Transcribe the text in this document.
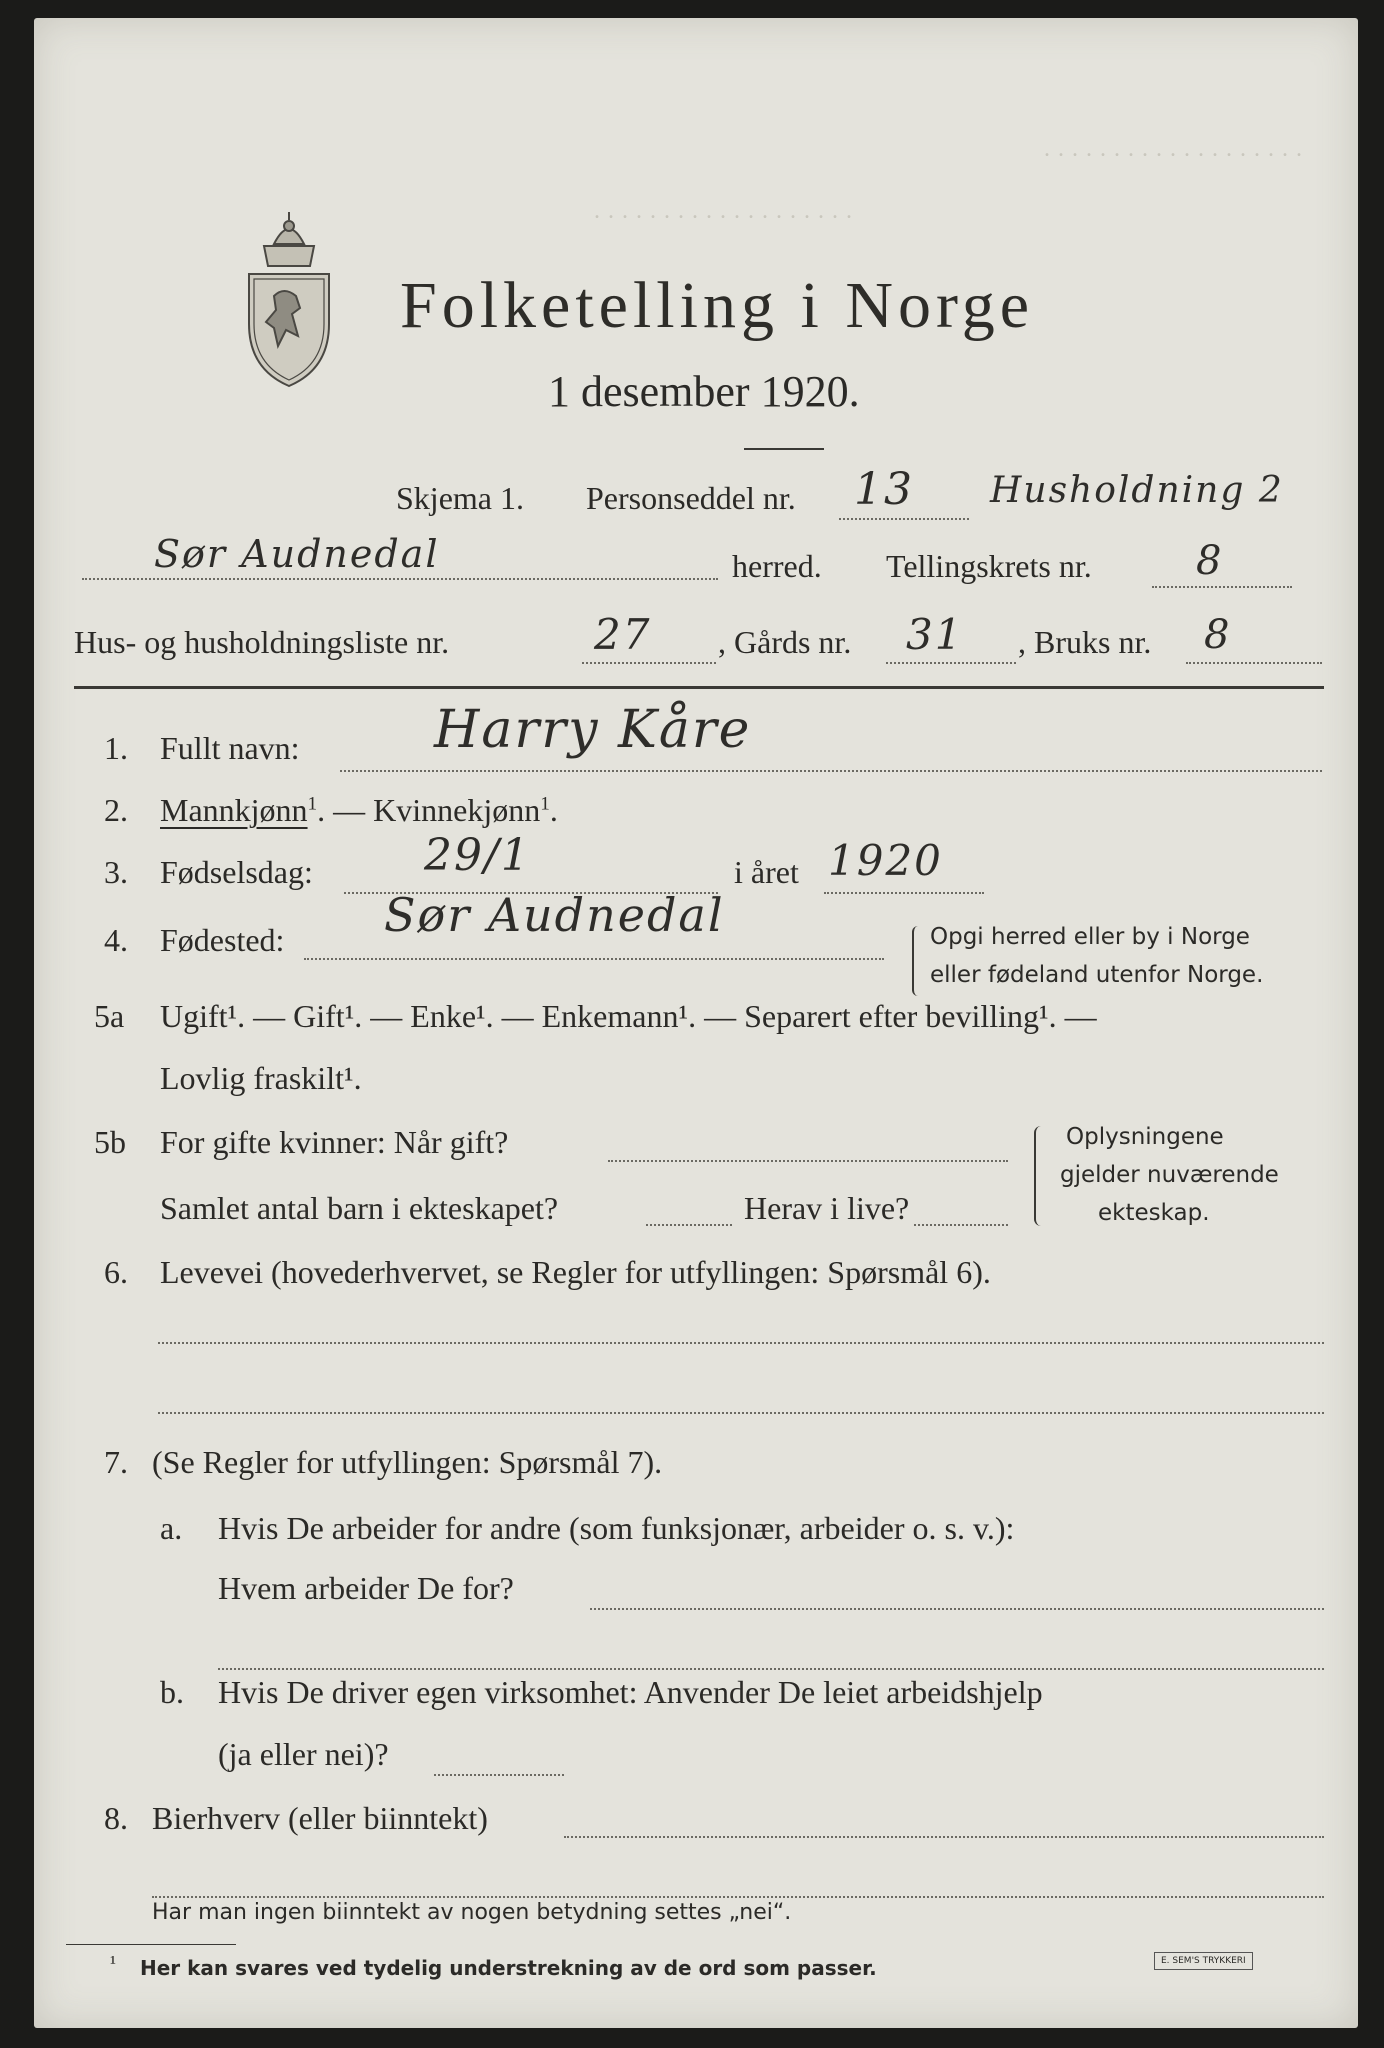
. . . . . . . . . . . . . . . . . . .
. . . . . . . . . . . . . . . . . . .
Folketelling i Norge
1 desember 1920.
Skjema 1. Personseddel nr. 13 Husholdning 2
Sør Audnedal	herred. Tellingskrets nr.	8
Hus- og husholdningsliste nr.	27 , Gårds nr. 31 , Bruks nr. 8
1. Fullt navn:	Harry Kåre
2. Mannkjønn$^1$. — Kvinnekjønn$^1$.
3. Fødselsdag:	29/1	i året 1920
4. Fødested: Sør Audnedal	Opgi herred eller by i Norge
eller fødeland utenfor Norge.
5a Ugift¹. — Gift¹. — Enke¹. — Enkemann¹. — Separert efter bevilling¹. —
Lovlig fraskilt¹.
5b For gifte kvinner: Når gift?
Samlet antal barn i ekteskapet?	Herav i live?
Oplysningene
gjelder nuværende
ekteskap.
6. Levevei (hovederhvervet, se Regler for utfyllingen: Spørsmål 6).
7. (Se Regler for utfyllingen: Spørsmål 7).
a. Hvis De arbeider for andre (som funksjonær, arbeider o. s. v.):
Hvem arbeider De for?
b. Hvis De driver egen virksomhet: Anvender De leiet arbeidshjelp
(ja eller nei)?
8. Bierhverv (eller biinntekt)
Har man ingen biinntekt av nogen betydning settes „nei“.
¹ Her kan svares ved tydelig understrekning av de ord som passer.	E. SEM'S TRYKKERI
